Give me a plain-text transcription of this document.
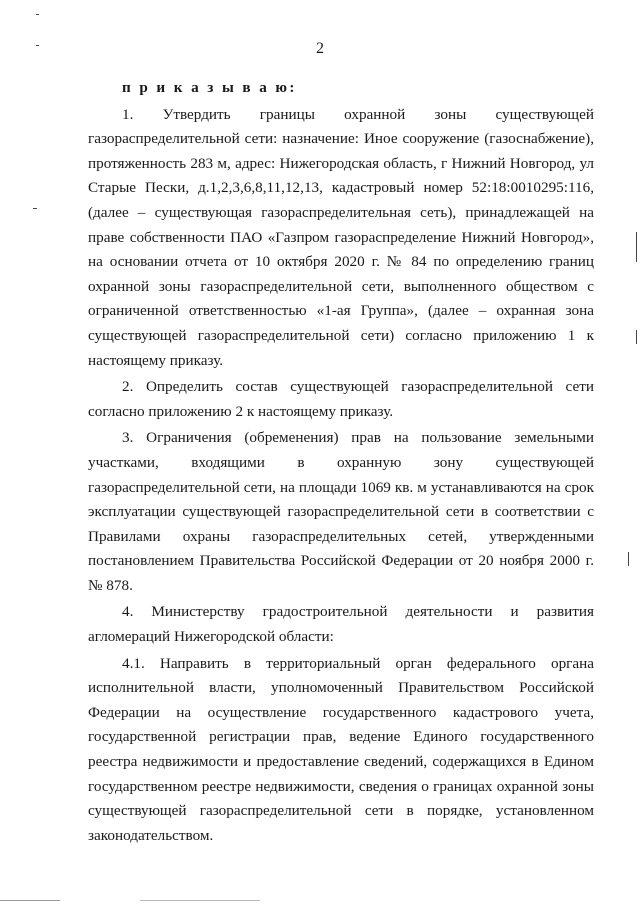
2
п р и к а з ы в а ю:

1. Утвердить границы охранной зоны существующей газораспределительной сети: назначение: Иное сооружение (газоснабжение), протяженность 283 м, адрес: Нижегородская область, г Нижний Новгород, ул Старые Пески, д.1,2,3,6,8,11,12,13, кадастровый номер 52:18:0010295:116, (далее – существующая газораспределительная сеть), принадлежащей на праве собственности ПАО «Газпром газораспределение Нижний Новгород», на основании отчета от 10 октября 2020 г. № 84 по определению границ охранной зоны газораспределительной сети, выполненного обществом с ограниченной ответственностью «1-ая Группа», (далее – охранная зона существующей газораспределительной сети) согласно приложению 1 к настоящему приказу.

2. Определить состав существующей газораспределительной сети согласно приложению 2 к настоящему приказу.

3. Ограничения (обременения) прав на пользование земельными участками, входящими в охранную зону существующей газораспределительной сети, на площади 1069 кв. м устанавливаются на срок эксплуатации существующей газораспределительной сети в соответствии с Правилами охраны газораспределительных сетей, утвержденными постановлением Правительства Российской Федерации от 20 ноября 2000 г. № 878.

4. Министерству градостроительной деятельности и развития агломераций Нижегородской области:

4.1. Направить в территориальный орган федерального органа исполнительной власти, уполномоченный Правительством Российской Федерации на осуществление государственного кадастрового учета, государственной регистрации прав, ведение Единого государственного реестра недвижимости и предоставление сведений, содержащихся в Едином государственном реестре недвижимости, сведения о границах охранной зоны существующей газораспределительной сети в порядке, установленном законодательством.
